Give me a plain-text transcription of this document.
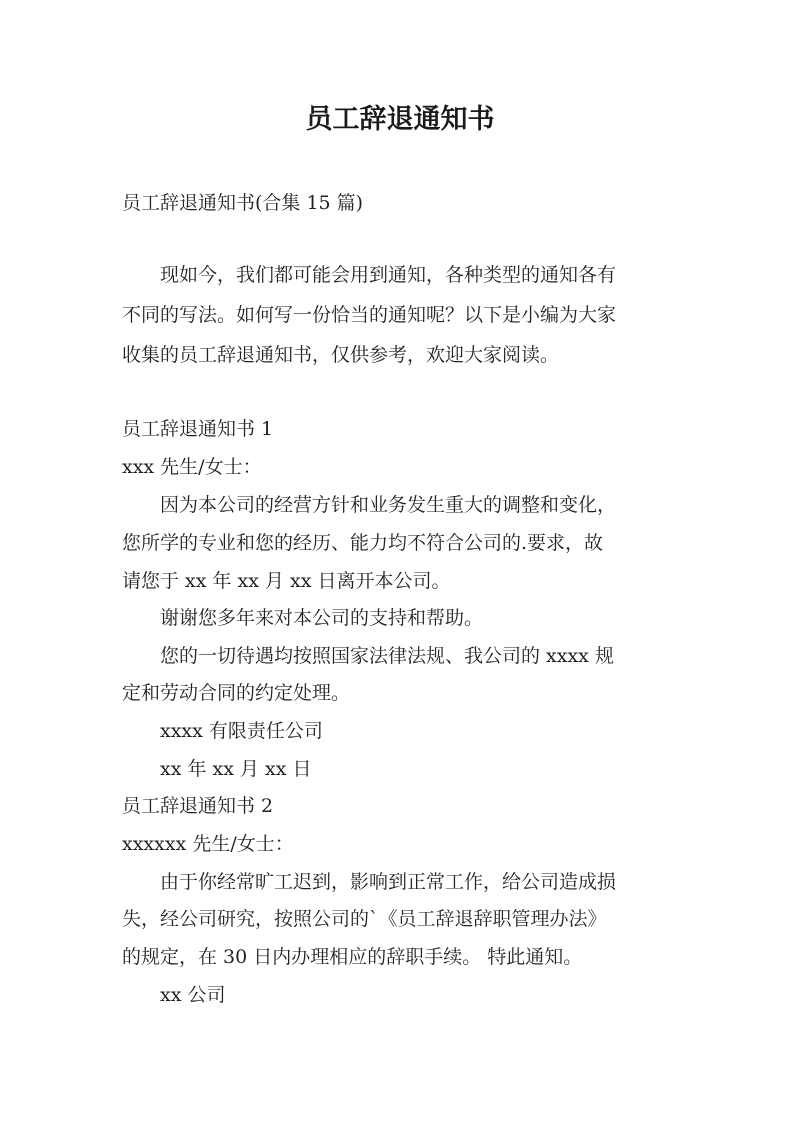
员工辞退通知书
员工辞退通知书(合集 15 篇)
现如今，我们都可能会用到通知，各种类型的通知各有
不同的写法。如何写一份恰当的通知呢？以下是小编为大家
收集的员工辞退通知书，仅供参考，欢迎大家阅读。
员工辞退通知书 1
xxx 先生/女士：
因为本公司的经营方针和业务发生重大的调整和变化，
您所学的专业和您的经历、能力均不符合公司的.要求，故
请您于 xx 年 xx 月 xx 日离开本公司。
谢谢您多年来对本公司的支持和帮助。
您的一切待遇均按照国家法律法规、我公司的 xxxx 规
定和劳动合同的约定处理。
xxxx 有限责任公司
xx 年 xx 月 xx 日
员工辞退通知书 2
xxxxxx 先生/女士：
由于你经常旷工迟到，影响到正常工作，给公司造成损
失，经公司研究，按照公司的`《员工辞退辞职管理办法》
的规定，在 30 日内办理相应的辞职手续。 特此通知。
xx 公司
